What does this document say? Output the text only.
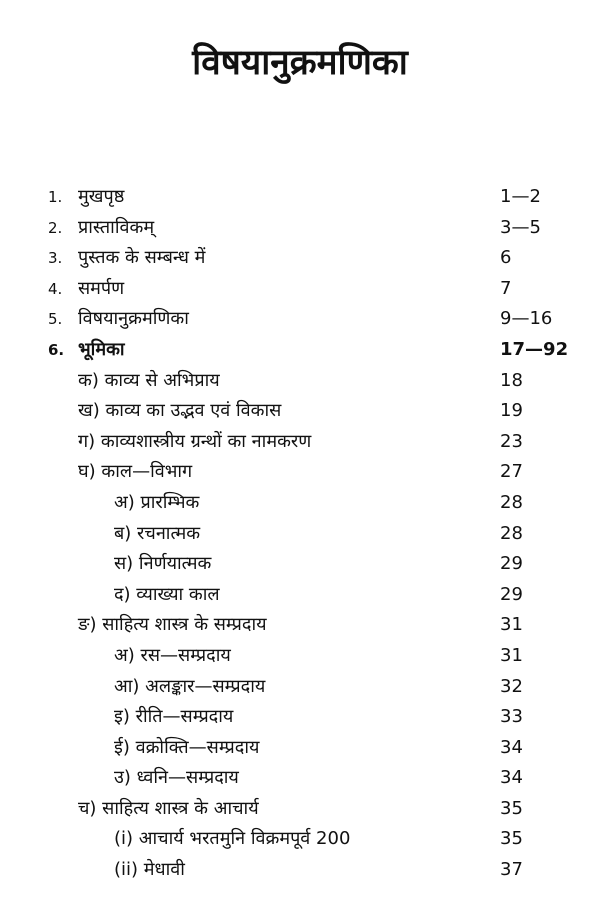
विषयानुक्रमणिका
1. मुखपृष्ठ	1—2
2. प्रास्ताविकम्	3—5
3. पुस्तक के सम्बन्ध में	6
4. समर्पण	7
5. विषयानुक्रमणिका	9—16
6. भूमिका	17—92
क) काव्य से अभिप्राय	18
ख) काव्य का उद्भव एवं विकास	19
ग) काव्यशास्त्रीय ग्रन्थों का नामकरण	23
घ) काल—विभाग	27
अ) प्रारम्भिक	28
ब) रचनात्मक	28
स) निर्णयात्मक	29
द) व्याख्या काल	29
ङ) साहित्य शास्त्र के सम्प्रदाय	31
अ) रस—सम्प्रदाय	31
आ) अलङ्कार—सम्प्रदाय	32
इ) रीति—सम्प्रदाय	33
ई) वक्रोक्ति—सम्प्रदाय	34
उ) ध्वनि—सम्प्रदाय	34
च) साहित्य शास्त्र के आचार्य	35
(i) आचार्य भरतमुनि विक्रमपूर्व 200	35
(ii) मेधावी	37
